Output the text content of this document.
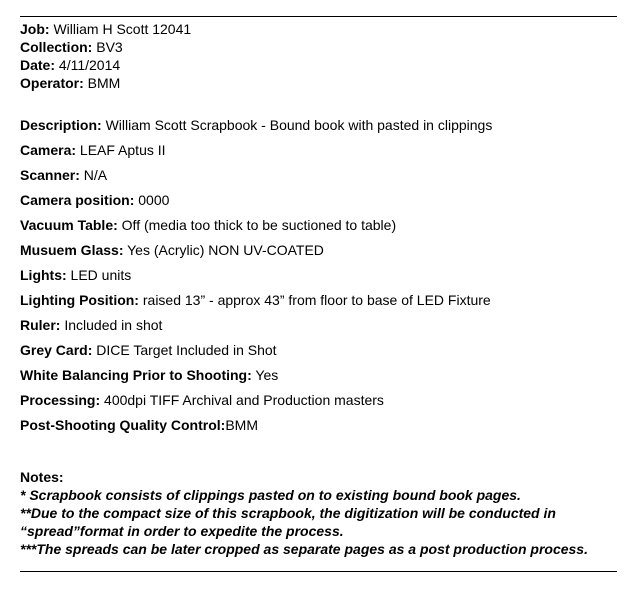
Job: William H Scott 12041
Collection: BV3
Date: 4/11/2014
Operator: BMM
Description: William Scott Scrapbook - Bound book with pasted in clippings
Camera: LEAF Aptus II
Scanner: N/A
Camera position: 0000
Vacuum Table: Off (media too thick to be suctioned to table)
Musuem Glass: Yes (Acrylic) NON UV-COATED
Lights: LED units
Lighting Position: raised 13” - approx 43” from floor to base of LED Fixture
Ruler: Included in shot
Grey Card: DICE Target Included in Shot
White Balancing Prior to Shooting: Yes
Processing: 400dpi TIFF Archival and Production masters
Post-Shooting Quality Control:BMM
Notes:
* Scrapbook consists of clippings pasted on to existing bound book pages.
**Due to the compact size of this scrapbook, the digitization will be conducted in
“spread”format in order to expedite the process.
***The spreads can be later cropped as separate pages as a post production process.
